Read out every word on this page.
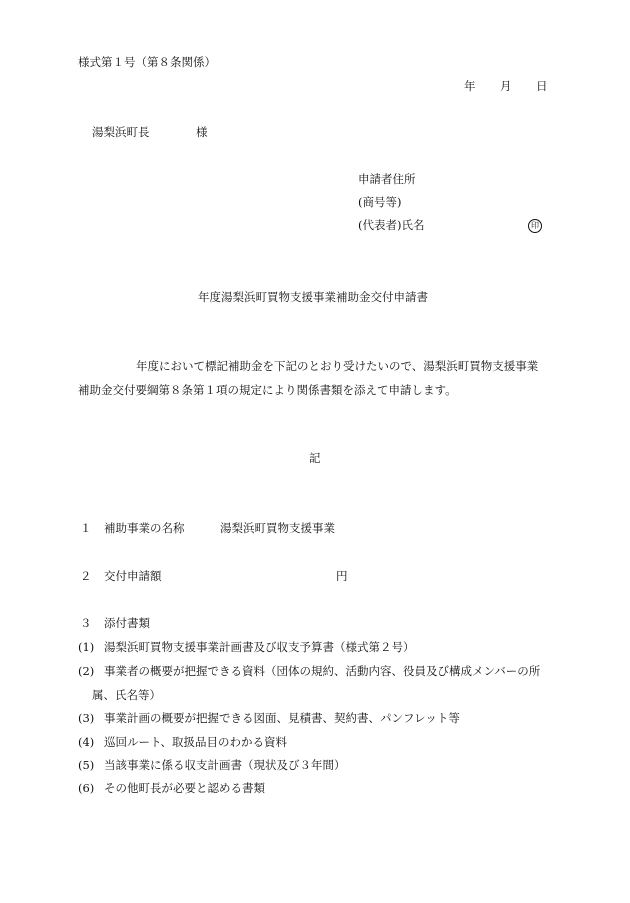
様式第１号（第８条関係）
年 月 日
湯梨浜町長	様
申請者住所
(商号等)
(代表者)氏名	印
年度湯梨浜町買物支援事業補助金交付申請書
年度において標記補助金を下記のとおり受けたいので、湯梨浜町買物支援事業
補助金交付要綱第８条第１項の規定により関係書類を添えて申請します。
記
１ 補助事業の名称	湯梨浜町買物支援事業
２ 交付申請額	円
３ 添付書類
(1) 湯梨浜町買物支援事業計画書及び収支予算書（様式第２号）
(2) 事業者の概要が把握できる資料（団体の規約、活動内容、役員及び構成メンバーの所
属、氏名等）
(3) 事業計画の概要が把握できる図面、見積書、契約書、パンフレット等
(4) 巡回ルート、取扱品目のわかる資料
(5) 当該事業に係る収支計画書（現状及び３年間）
(6) その他町長が必要と認める書類
